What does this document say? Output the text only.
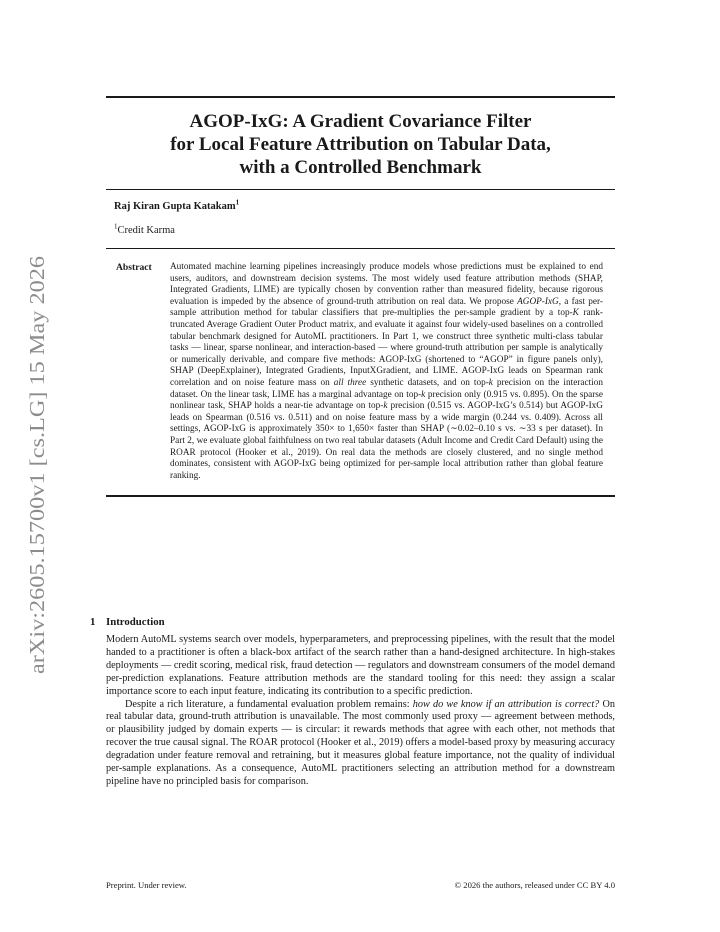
arXiv:2605.15700v1 [cs.LG] 15 May 2026
AGOP-IxG: A Gradient Covariance Filter
for Local Feature Attribution on Tabular Data,
with a Controlled Benchmark
Raj Kiran Gupta Katakam$^1$
$^1$Credit Karma
Abstract	Automated machine learning pipelines increasingly produce models whose predictions must be explained to end users, auditors, and downstream decision systems. The most widely used feature attribution methods (SHAP, Integrated Gradients, LIME) are typically chosen by convention rather than measured fidelity, because rigorous evaluation is impeded by the absence of ground-truth attribution on real data. We propose AGOP-IxG, a fast per-sample attribution method for tabular classifiers that pre-multiplies the per-sample gradient by a top-K rank-truncated Average Gradient Outer Product matrix, and evaluate it against four widely-used baselines on a controlled tabular benchmark designed for AutoML practitioners. In Part 1, we construct three synthetic multi-class tabular tasks — linear, sparse nonlinear, and interaction-based — where ground-truth attribution per sample is analytically or numerically derivable, and compare five methods: AGOP-IxG (shortened to “AGOP” in figure panels only), SHAP (DeepExplainer), Integrated Gradients, InputXGradient, and LIME. AGOP-IxG leads on Spearman rank correlation and on noise feature mass on all three synthetic datasets, and on top-k precision on the interaction dataset. On the linear task, LIME has a marginal advantage on top-k precision only (0.915 vs. 0.895). On the sparse nonlinear task, SHAP holds a near-tie advantage on top-k precision (0.515 vs. AGOP-IxG’s 0.514) but AGOP-IxG leads on Spearman (0.516 vs. 0.511) and on noise feature mass by a wide margin (0.244 vs. 0.409). Across all settings, AGOP-IxG is approximately 350× to 1,650× faster than SHAP (∼0.02–0.10 s vs. ∼33 s per dataset). In Part 2, we evaluate global faithfulness on two real tabular datasets (Adult Income and Credit Card Default) using the ROAR protocol (Hooker et al., 2019). On real data the methods are closely clustered, and no single method dominates, consistent with AGOP-IxG being optimized for per-sample local attribution rather than global feature ranking.
1 Introduction

Modern AutoML systems search over models, hyperparameters, and preprocessing pipelines, with the result that the model handed to a practitioner is often a black-box artifact of the search rather than a hand-designed architecture. In high-stakes deployments — credit scoring, medical risk, fraud detection — regulators and downstream consumers of the model demand per-prediction explanations. Feature attribution methods are the standard tooling for this need: they assign a scalar importance score to each input feature, indicating its contribution to a specific prediction.

Despite a rich literature, a fundamental evaluation problem remains: how do we know if an attribution is correct? On real tabular data, ground-truth attribution is unavailable. The most commonly used proxy — agreement between methods, or plausibility judged by domain experts — is circular: it rewards methods that agree with each other, not methods that recover the true causal signal. The ROAR protocol (Hooker et al., 2019) offers a model-based proxy by measuring accuracy degradation under feature removal and retraining, but it measures global feature importance, not the quality of individual per-sample explanations. As a consequence, AutoML practitioners selecting an attribution method for a downstream pipeline have no principled basis for comparison.

Preprint. Under review.	© 2026 the authors, released under CC BY 4.0
